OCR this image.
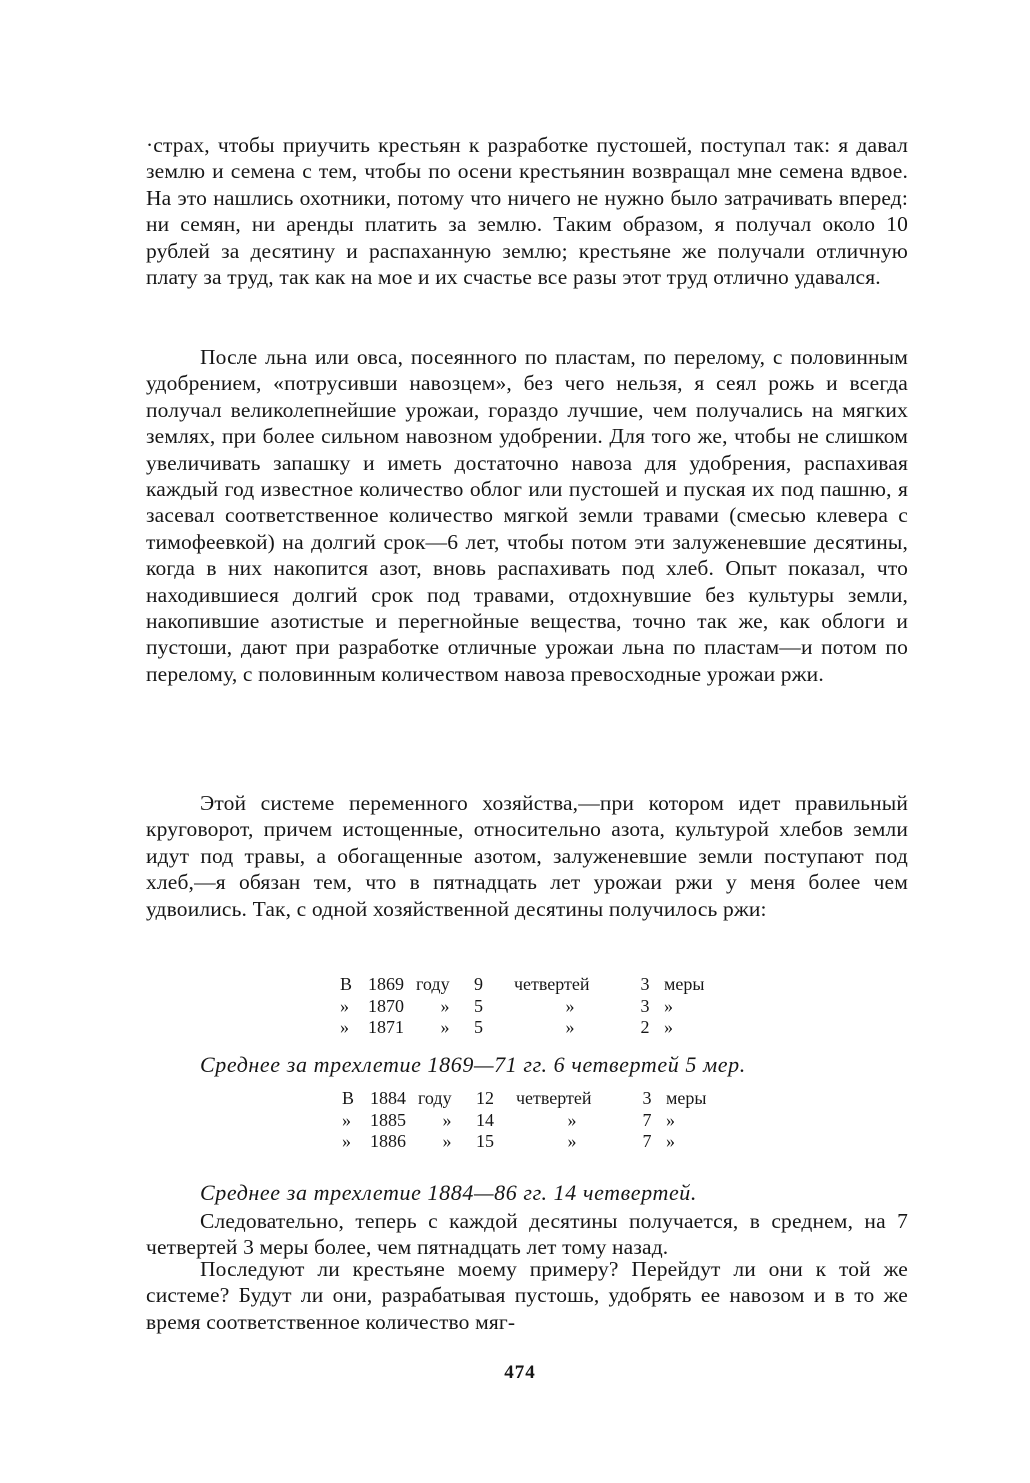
·страх, чтобы приучить крестьян к разработке пустошей, поступал так: я давал землю и семена с тем, чтобы по осени крестьянин возвращал мне семена вдвое. На это нашлись охотники, потому что ничего не нужно было затрачивать вперед: ни семян, ни аренды платить за землю. Таким образом, я получал около 10 рублей за десятину и распаханную землю; крестьяне же получали отличную плату за труд, так как на мое и их счастье все разы этот труд отлично удавался.

После льна или овса, посеянного по пластам, по перелому, с половинным удобрением, «потрусивши навозцем», без чего нельзя, я сеял рожь и всегда получал великолепнейшие урожаи, гораздо лучшие, чем получались на мягких землях, при более сильном навозном удобрении. Для того же, чтобы не слишком увеличивать запашку и иметь достаточно навоза для удобрения, распахивая каждый год известное количество облог или пустошей и пуская их под пашню, я засевал соответственное количество мягкой земли травами (смесью клевера с тимофеевкой) на долгий срок—6 лет, чтобы потом эти залуженевшие десятины, когда в них накопится азот, вновь распахивать под хлеб. Опыт показал, что находившиеся долгий срок под травами, отдохнувшие без культуры земли, накопившие азотистые и перегнойные вещества, точно так же, как облоги и пустоши, дают при разработке отличные урожаи льна по пластам—и потом по перелому, с половинным количеством навоза превосходные урожаи ржи.

Этой системе переменного хозяйства,—при котором идет правильный круговорот, причем истощенные, относительно азота, культурой хлебов земли идут под травы, а обогащенные азотом, залуженевшие земли поступают под хлеб,—я обязан тем, что в пятнадцать лет урожаи ржи у меня более чем удвоились. Так, с одной хозяйственной десятины получилось ржи:

В	1869	году	9	четвертей	3	меры
»	1870	»	5	»	3	»
»	1871	»	5	»	2	»
Среднее за трехлетие 1869—71 гг. 6 четвертей 5 мер.
В	1884	году	12	четвертей	3	меры
»	1885	»	14	»	7	»
»	1886	»	15	»	7	»
Среднее за трехлетие 1884—86 гг. 14 четвертей.

Следовательно, теперь с каждой десятины получается, в среднем, на 7 четвертей 3 меры более, чем пятнадцать лет тому назад.

Последуют ли крестьяне моему примеру? Перейдут ли они к той же системе? Будут ли они, разрабатывая пустошь, удобрять ее навозом и в то же время соответственное количество мяг-

474
